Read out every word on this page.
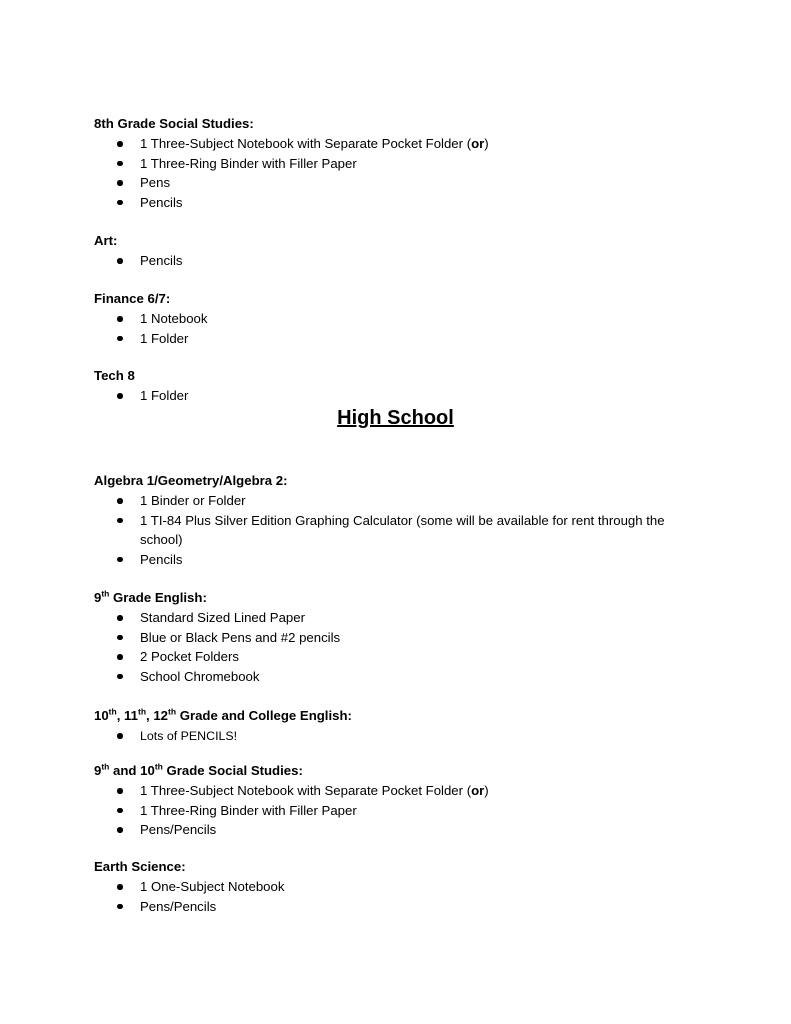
8th Grade Social Studies:
1 Three-Subject Notebook with Separate Pocket Folder (or)
1 Three-Ring Binder with Filler Paper
Pens
Pencils
Art:
Pencils
Finance 6/7:
1 Notebook
1 Folder
Tech 8
1 Folder
High School
Algebra 1/Geometry/Algebra 2:
1 Binder or Folder
1 TI-84 Plus Silver Edition Graphing Calculator (some will be available for rent through the school)
Pencils
9th Grade English:
Standard Sized Lined Paper
Blue or Black Pens and #2 pencils
2 Pocket Folders
School Chromebook
10th, 11th, 12th Grade and College English:
Lots of PENCILS!
9th and 10th Grade Social Studies:
1 Three-Subject Notebook with Separate Pocket Folder (or)
1 Three-Ring Binder with Filler Paper
Pens/Pencils
Earth Science:
1 One-Subject Notebook
Pens/Pencils
